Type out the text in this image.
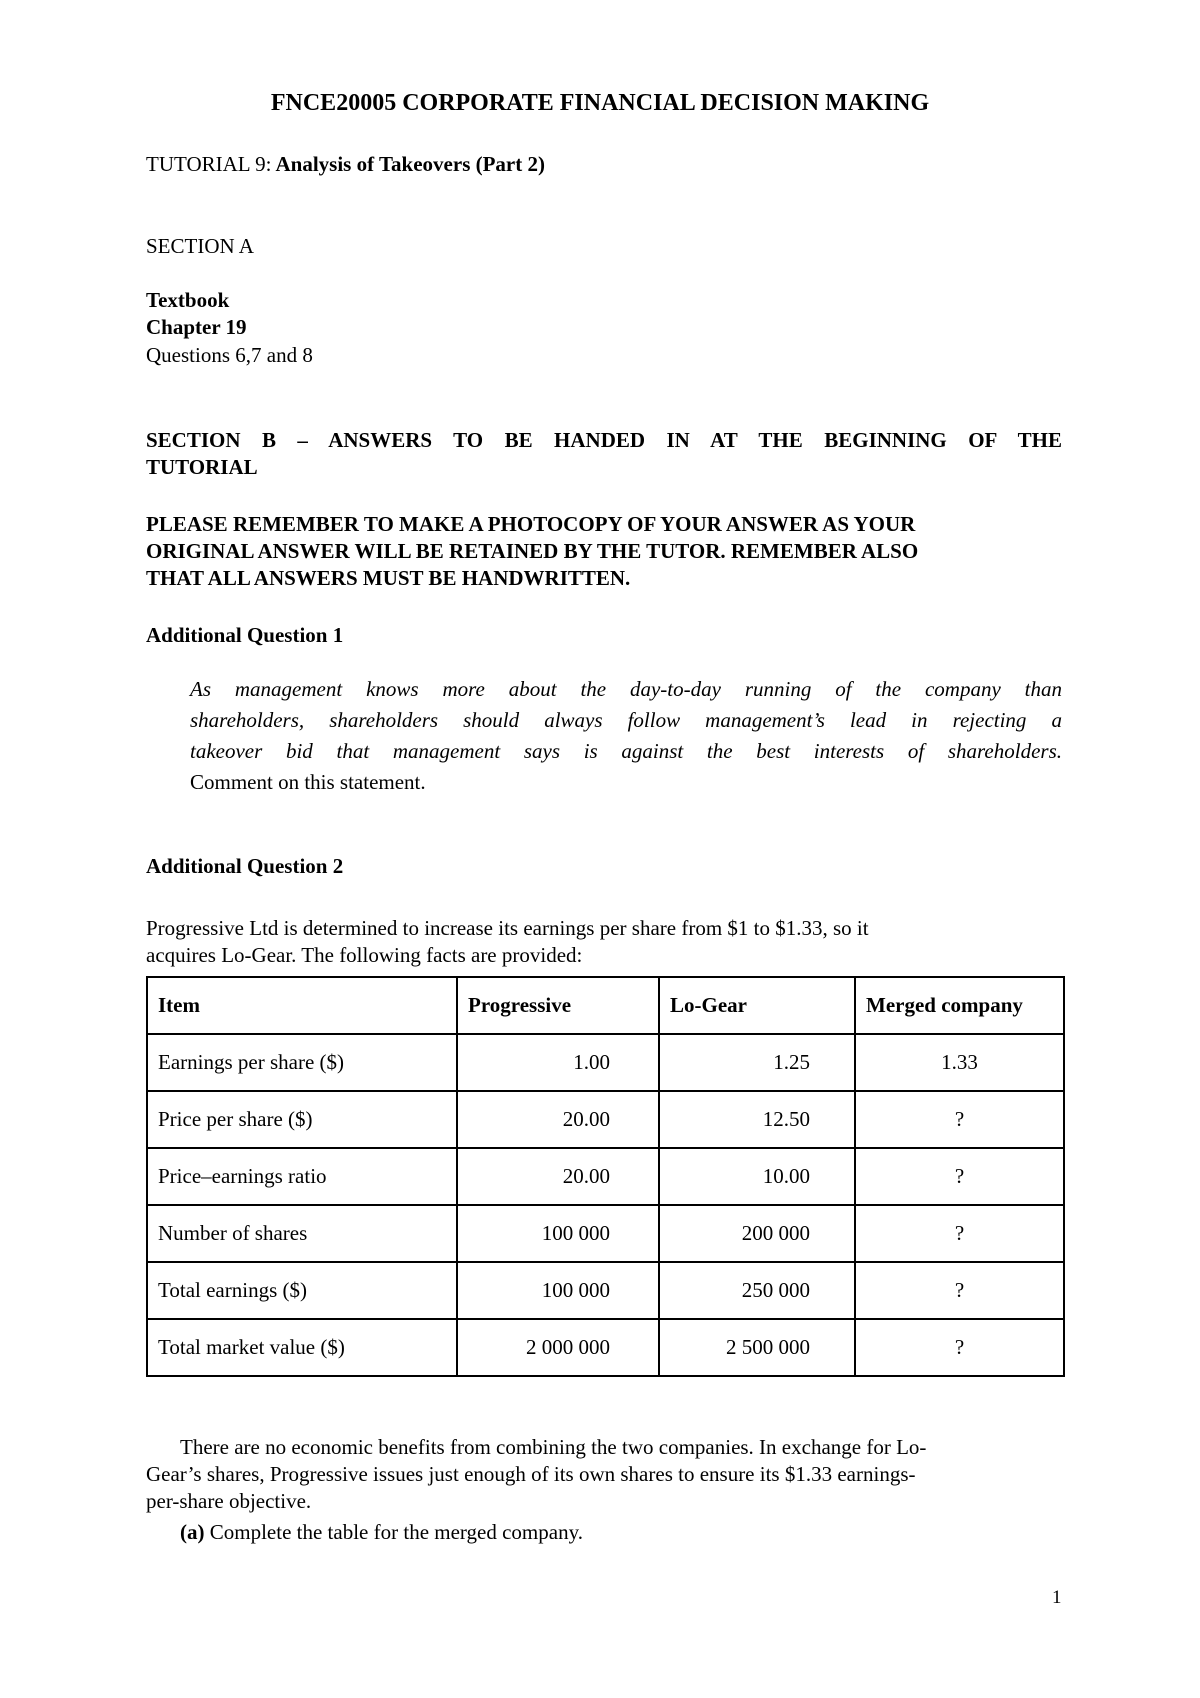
FNCE20005 CORPORATE FINANCIAL DECISION MAKING

TUTORIAL 9: Analysis of Takeovers (Part 2)

SECTION A

Textbook

Chapter 19

Questions 6,7 and 8

SECTION B – ANSWERS TO BE HANDED IN AT THE BEGINNING OF THE

TUTORIAL

PLEASE REMEMBER TO MAKE A PHOTOCOPY OF YOUR ANSWER AS YOUR

ORIGINAL ANSWER WILL BE RETAINED BY THE TUTOR. REMEMBER ALSO

THAT ALL ANSWERS MUST BE HANDWRITTEN.

Additional Question 1

As management knows more about the day-to-day running of the company than

shareholders, shareholders should always follow management’s lead in rejecting a

takeover bid that management says is against the best interests of shareholders.

Comment on this statement.

Additional Question 2

Progressive Ltd is determined to increase its earnings per share from $1 to $1.33, so it

acquires Lo-Gear. The following facts are provided:

Item	Progressive	Lo-Gear	Merged company
Earnings per share ($)	1.00	1.25	1.33
Price per share ($)	20.00	12.50	?
Price–earnings ratio	20.00	10.00	?
Number of shares	100 000	200 000	?
Total earnings ($)	100 000	250 000	?
Total market value ($)	2 000 000	2 500 000	?

There are no economic benefits from combining the two companies. In exchange for Lo-

Gear’s shares, Progressive issues just enough of its own shares to ensure its $1.33 earnings-

per-share objective.

(a) Complete the table for the merged company.

1
